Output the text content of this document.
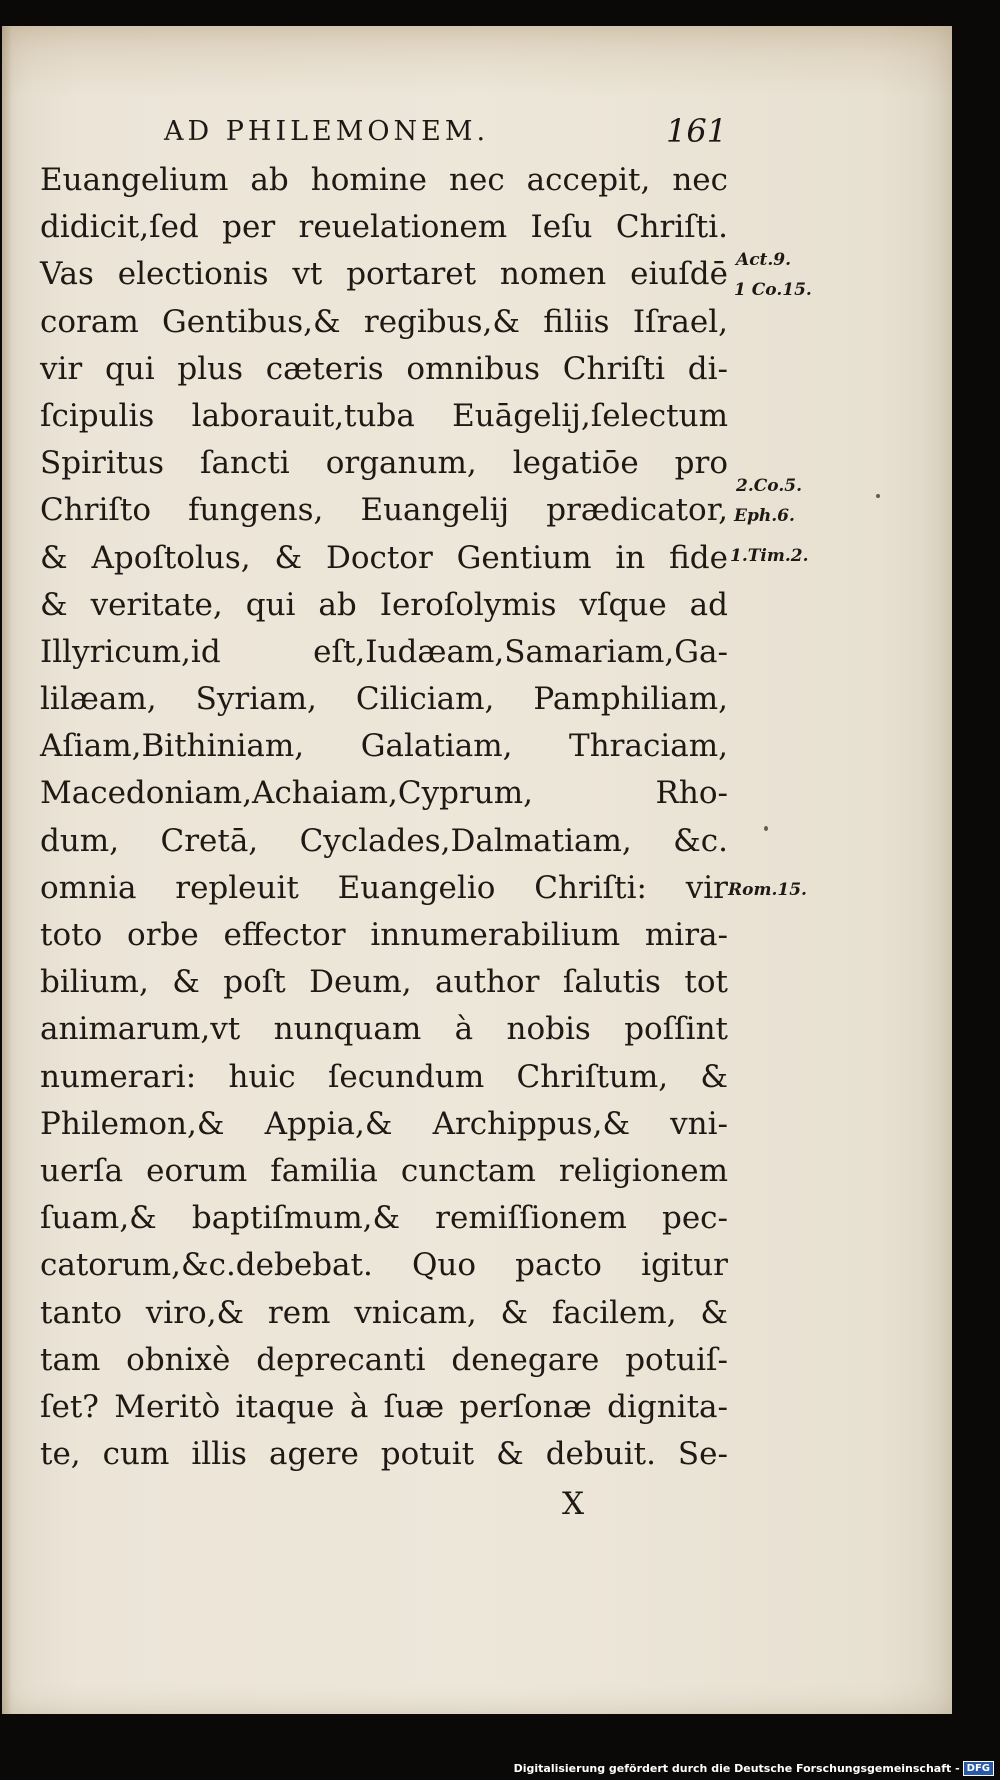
AD PHILEMONEM.	161
Euangelium ab homine nec accepit, nec
didicit,ſed per reuelationem Ieſu Chriſti.
Vas electionis vt portaret nomen eiuſdē
coram Gentibus,& regibus,& filiis Iſrael,
vir qui plus cæteris omnibus Chriſti di-
ſcipulis laborauit,tuba Euāgelij,ſelectum
Spiritus ſancti organum, legatiōe pro
Chriſto fungens, Euangelij prædicator,
& Apoſtolus, & Doctor Gentium in fide
& veritate, qui ab Ieroſolymis vſque ad
Illyricum,id eſt,Iudæam,Samariam,Ga-
lilæam, Syriam, Ciliciam, Pamphiliam,
Aſiam,Bithiniam, Galatiam, Thraciam,
Macedoniam,Achaiam,Cyprum, Rho-
dum, Cretā, Cyclades,Dalmatiam, &c.
omnia repleuit Euangelio Chriſti: vir
toto orbe effector innumerabilium mira-
bilium, & poſt Deum, author ſalutis tot
animarum,vt nunquam à nobis poſſint
numerari: huic ſecundum Chriſtum, &
Philemon,& Appia,& Archippus,& vni-
uerſa eorum familia cunctam religionem
ſuam,& baptiſmum,& remiſſionem pec-
catorum,&c.debebat. Quo pacto igitur
tanto viro,& rem vnicam, & facilem, &
tam obnixè deprecanti denegare potuiſ-
ſet? Meritò itaque à ſuæ perſonæ dignita-
te, cum illis agere potuit & debuit. Se-
Act.9.
1 Co.15.
2.Co.5.
Eph.6.
1.Tim.2.
Rom.15.
X
Digitalisierung gefördert durch die Deutsche Forschungsgemeinschaft - DFG
